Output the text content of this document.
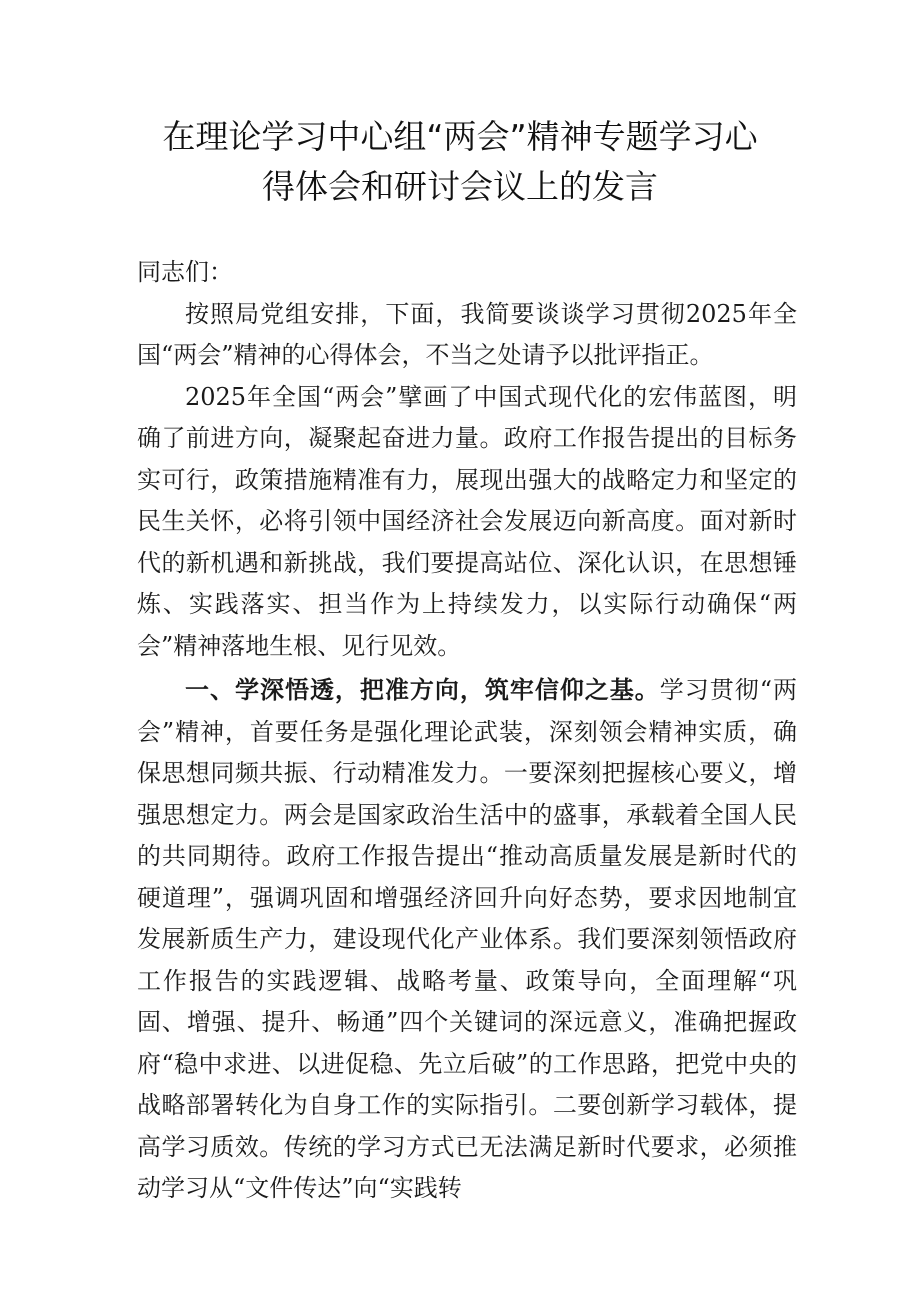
在理论学习中心组“两会”精神专题学习心
得体会和研讨会议上的发言

同志们：

按照局党组安排，下面，我简要谈谈学习贯彻2025年全国“两会”精神的心得体会，不当之处请予以批评指正。

2025年全国“两会”擘画了中国式现代化的宏伟蓝图，明确了前进方向，凝聚起奋进力量。政府工作报告提出的目标务实可行，政策措施精准有力，展现出强大的战略定力和坚定的民生关怀，必将引领中国经济社会发展迈向新高度。面对新时代的新机遇和新挑战，我们要提高站位、深化认识，在思想锤炼、实践落实、担当作为上持续发力，以实际行动确保“两会”精神落地生根、见行见效。

一、学深悟透，把准方向，筑牢信仰之基。学习贯彻“两会”精神，首要任务是强化理论武装，深刻领会精神实质，确保思想同频共振、行动精准发力。一要深刻把握核心要义，增强思想定力。两会是国家政治生活中的盛事，承载着全国人民的共同期待。政府工作报告提出“推动高质量发展是新时代的硬道理”，强调巩固和增强经济回升向好态势，要求因地制宜发展新质生产力，建设现代化产业体系。我们要深刻领悟政府工作报告的实践逻辑、战略考量、政策导向，全面理解“巩固、增强、提升、畅通”四个关键词的深远意义，准确把握政府“稳中求进、以进促稳、先立后破”的工作思路，把党中央的战略部署转化为自身工作的实际指引。二要创新学习载体，提高学习质效。传统的学习方式已无法满足新时代要求，必须推动学习从“文件传达”向“实践转
